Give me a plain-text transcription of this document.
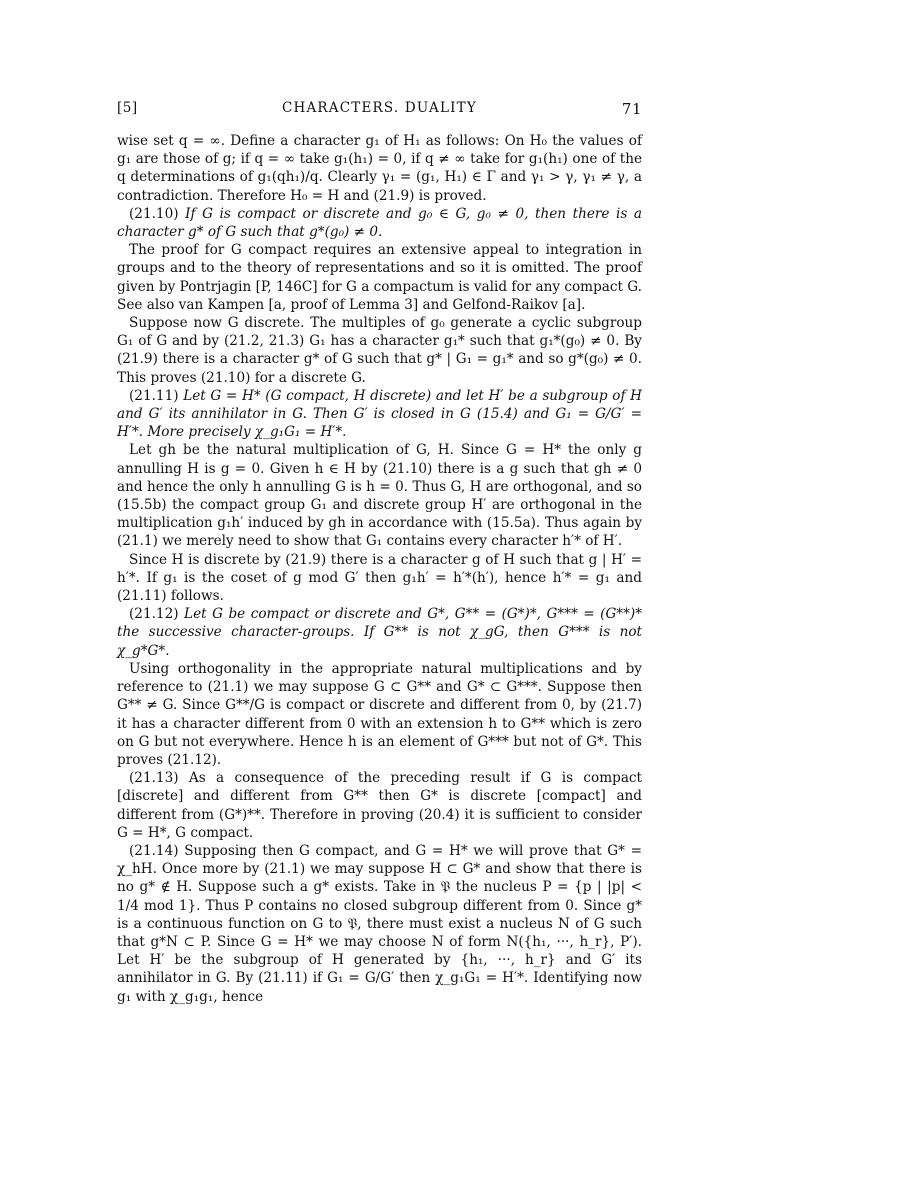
[5]	CHARACTERS. DUALITY	71

wise set q = ∞. Define a character g₁ of H₁ as follows: On H₀ the values of g₁ are those of g; if q = ∞ take g₁(h₁) = 0, if q ≠ ∞ take for g₁(h₁) one of the q determinations of g₁(qh₁)/q. Clearly γ₁ = (g₁, H₁) ∈ Γ and γ₁ > γ, γ₁ ≠ γ, a contradiction. Therefore H₀ = H and (21.9) is proved.

(21.10) If G is compact or discrete and g₀ ∈ G, g₀ ≠ 0, then there is a character g* of G such that g*(g₀) ≠ 0.

The proof for G compact requires an extensive appeal to integration in groups and to the theory of representations and so it is omitted. The proof given by Pontrjagin [P, 146C] for G a compactum is valid for any compact G. See also van Kampen [a, proof of Lemma 3] and Gelfond-Raikov [a].

Suppose now G discrete. The multiples of g₀ generate a cyclic subgroup G₁ of G and by (21.2, 21.3) G₁ has a character g₁* such that g₁*(g₀) ≠ 0. By (21.9) there is a character g* of G such that g* | G₁ = g₁* and so g*(g₀) ≠ 0. This proves (21.10) for a discrete G.

(21.11) Let G = H* (G compact, H discrete) and let H′ be a subgroup of H and G′ its annihilator in G. Then G′ is closed in G (15.4) and G₁ = G/G′ = H′*. More precisely χ_g₁G₁ = H′*.

Let gh be the natural multiplication of G, H. Since G = H* the only g annulling H is g = 0. Given h ∈ H by (21.10) there is a g such that gh ≠ 0 and hence the only h annulling G is h = 0. Thus G, H are orthogonal, and so (15.5b) the compact group G₁ and discrete group H′ are orthogonal in the multiplication g₁h′ induced by gh in accordance with (15.5a). Thus again by (21.1) we merely need to show that G₁ contains every character h′* of H′.

Since H is discrete by (21.9) there is a character g of H such that g | H′ = h′*. If g₁ is the coset of g mod G′ then g₁h′ = h′*(h′), hence h′* = g₁ and (21.11) follows.

(21.12) Let G be compact or discrete and G*, G** = (G*)*, G*** = (G**)* the successive character-groups. If G** is not χ_gG, then G*** is not χ_g*G*.

Using orthogonality in the appropriate natural multiplications and by reference to (21.1) we may suppose G ⊂ G** and G* ⊂ G***. Suppose then G** ≠ G. Since G**/G is compact or discrete and different from 0, by (21.7) it has a character different from 0 with an extension h to G** which is zero on G but not everywhere. Hence h is an element of G*** but not of G*. This proves (21.12).

(21.13) As a consequence of the preceding result if G is compact [discrete] and different from G** then G* is discrete [compact] and different from (G*)**. Therefore in proving (20.4) it is sufficient to consider G = H*, G compact.

(21.14) Supposing then G compact, and G = H* we will prove that G* = χ_hH. Once more by (21.1) we may suppose H ⊂ G* and show that there is no g* ∉ H. Suppose such a g* exists. Take in 𝔓 the nucleus P = {p | |p| < 1/4 mod 1}. Thus P contains no closed subgroup different from 0. Since g* is a continuous function on G to 𝔓, there must exist a nucleus N of G such that g*N ⊂ P. Since G = H* we may choose N of form N({h₁, ···, h_r}, P′). Let H′ be the subgroup of H generated by {h₁, ···, h_r} and G′ its annihilator in G. By (21.11) if G₁ = G/G′ then χ_g₁G₁ = H′*. Identifying now g₁ with χ_g₁g₁, hence
